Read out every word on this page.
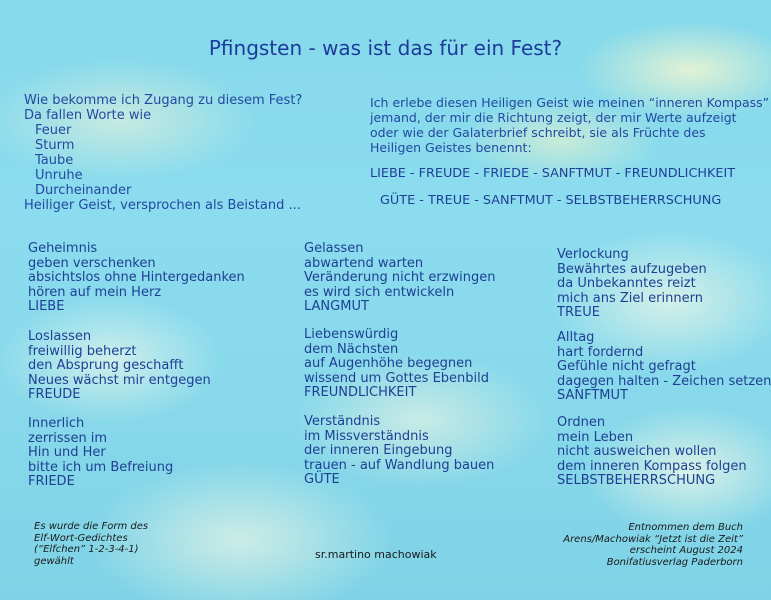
Pfingsten - was ist das für ein Fest?
Wie bekomme ich Zugang zu diesem Fest?
Da fallen Worte wie
Feuer
Sturm
Taube
Unruhe
Durcheinander
Heiliger Geist, versprochen als Beistand ...
Ich erlebe diesen Heiligen Geist wie meinen “inneren Kompass”
jemand, der mir die Richtung zeigt, der mir Werte aufzeigt
oder wie der Galaterbrief schreibt, sie als Früchte des
Heiligen Geistes benennt:
LIEBE - FREUDE - FRIEDE - SANFTMUT - FREUNDLICHKEIT
GÜTE - TREUE - SANFTMUT - SELBSTBEHERRSCHUNG
Geheimnis
geben verschenken
absichtslos ohne Hintergedanken
hören auf mein Herz
LIEBE
Loslassen
freiwillig beherzt
den Absprung geschafft
Neues wächst mir entgegen
FREUDE
Innerlich
zerrissen im
Hin und Her
bitte ich um Befreiung
FRIEDE
Gelassen
abwartend warten
Veränderung nicht erzwingen
es wird sich entwickeln
LANGMUT
Liebenswürdig
dem Nächsten
auf Augenhöhe begegnen
wissend um Gottes Ebenbild
FREUNDLICHKEIT
Verständnis
im Missverständnis
der inneren Eingebung
trauen - auf Wandlung bauen
GÜTE
Verlockung
Bewährtes aufzugeben
da Unbekanntes reizt
mich ans Ziel erinnern
TREUE
Alltag
hart fordernd
Gefühle nicht gefragt
dagegen halten - Zeichen setzen
SANFTMUT
Ordnen
mein Leben
nicht ausweichen wollen
dem inneren Kompass folgen
SELBSTBEHERRSCHUNG
Es wurde die Form des
Elf-Wort-Gedichtes
(“Elfchen” 1-2-3-4-1)
gewählt
sr.martino machowiak
Entnommen dem Buch
Arens/Machowiak “Jetzt ist die Zeit”
erscheint August 2024
Bonifatiusverlag Paderborn
